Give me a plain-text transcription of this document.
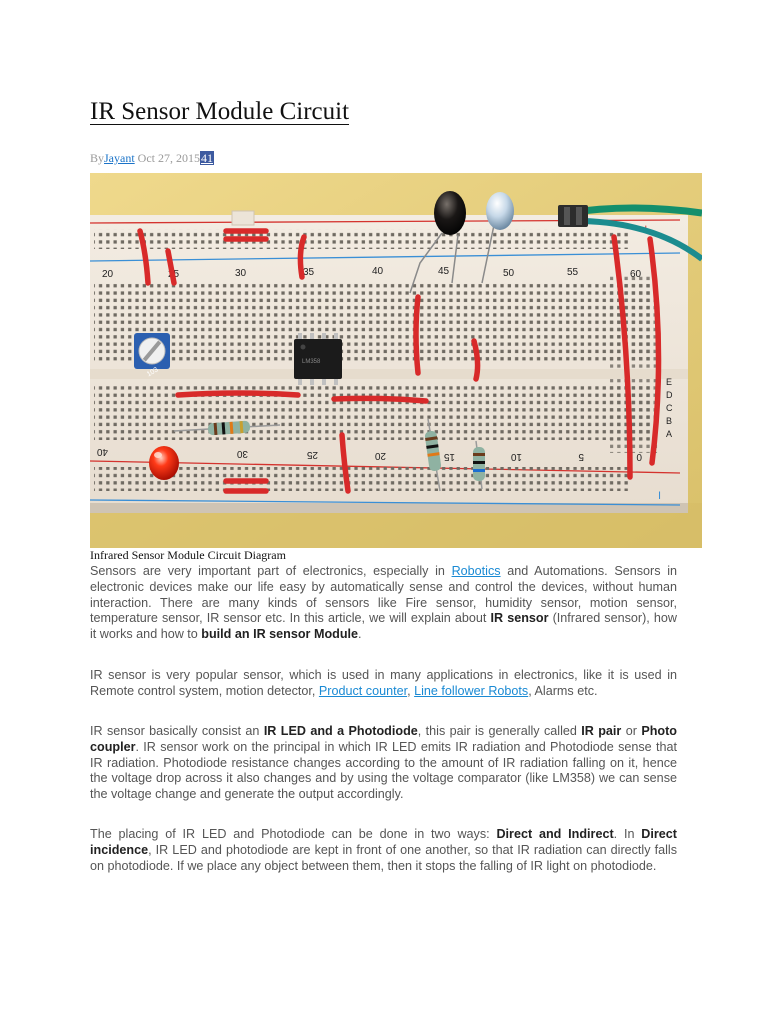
IR Sensor Module Circuit
ByJayant Oct 27, 201541
20	25	30	35	40	45	50	55	60
40	30	25	20	15	10	5	0
E
D
C
B
A
+
I
103
LM358
Infrared Sensor Module Circuit Diagram

Sensors are very important part of electronics, especially in Robotics and Automations. Sensors in electronic devices make our life easy by automatically sense and control the devices, without human interaction. There are many kinds of sensors like Fire sensor, humidity sensor, motion sensor, temperature sensor, IR sensor etc. In this article, we will explain about IR sensor (Infrared sensor), how it works and how to build an IR sensor Module.

IR sensor is very popular sensor, which is used in many applications in electronics, like it is used in Remote control system, motion detector, Product counter, Line follower Robots, Alarms etc.

IR sensor basically consist an IR LED and a Photodiode, this pair is generally called IR pair or Photo coupler. IR sensor work on the principal in which IR LED emits IR radiation and Photodiode sense that IR radiation. Photodiode resistance changes according to the amount of IR radiation falling on it, hence the voltage drop across it also changes and by using the voltage comparator (like LM358) we can sense the voltage change and generate the output accordingly.

The placing of IR LED and Photodiode can be done in two ways: Direct and Indirect. In Direct incidence, IR LED and photodiode are kept in front of one another, so that IR radiation can directly falls on photodiode. If we place any object between them, then it stops the falling of IR light on photodiode.
